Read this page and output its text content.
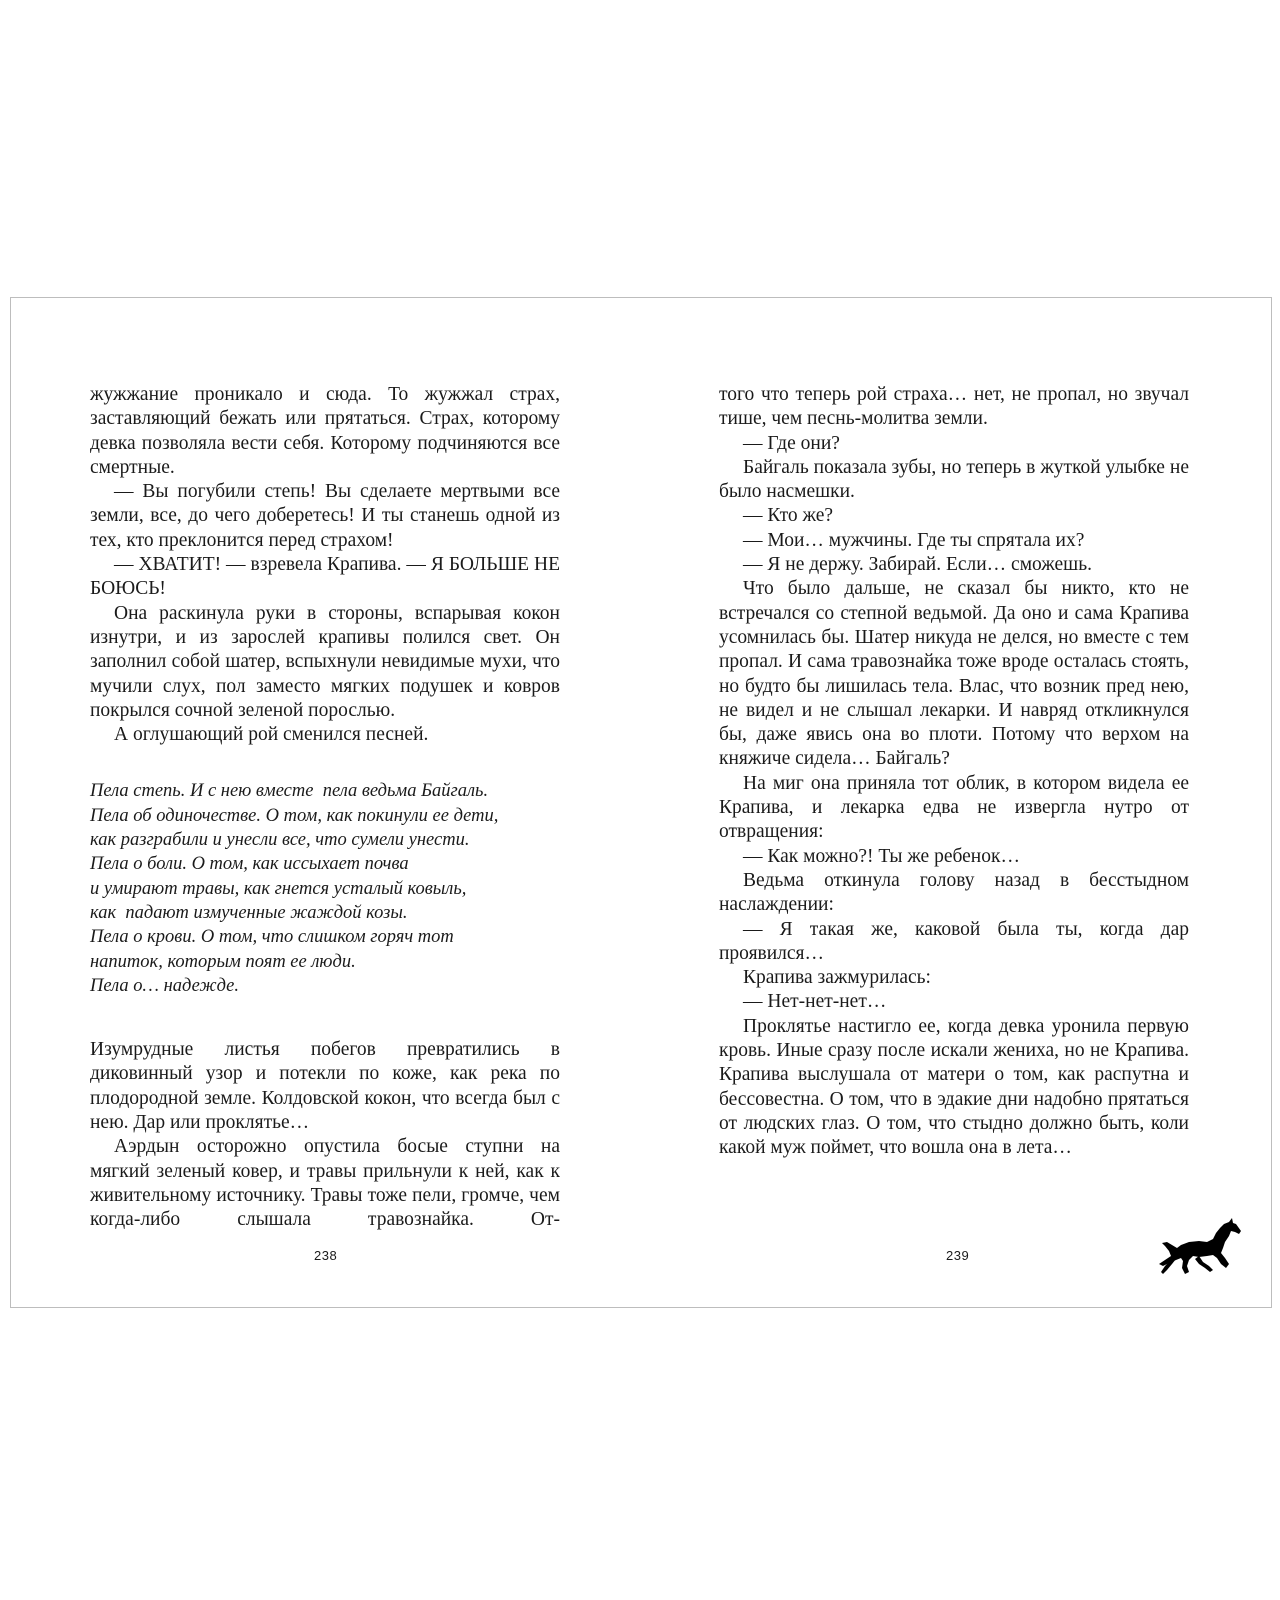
жужжание проникало и сюда. То жужжал страх, заставляющий бежать или прятаться. Страх, которому девка позволяла вести себя. Которому подчиняются все смертные.

— Вы погубили степь! Вы сделаете мертвыми все земли, все, до чего доберетесь! И ты станешь одной из тех, кто преклонится перед страхом!

— ХВАТИТ! — взревела Крапива. — Я БОЛЬШЕ НЕ БОЮСЬ!

Она раскинула руки в стороны, вспарывая кокон изнутри, и из зарослей крапивы полился свет. Он заполнил собой шатер, вспыхнули невидимые мухи, что мучили слух, пол заместо мягких подушек и ковров покрылся сочной зеленой порослью.

А оглушающий рой сменился песней.

Пела степь. И с нею вместе  пела ведьма Байгаль.
Пела об одиночестве. О том, как покинули ее дети,
как разграбили и унесли все, что сумели унести.
Пела о боли. О том, как иссыхает почва
и умирают травы, как гнется усталый ковыль,
как  падают измученные жаждой козы.
Пела о крови. О том, что слишком горяч тот
напиток, которым поят ее люди.
Пела о… надежде.

Изумрудные листья побегов превратились в диковинный узор и потекли по коже, как река по плодородной земле. Колдовской кокон, что всегда был с нею. Дар или проклятье…

Аэрдын осторожно опустила босые ступни на мягкий зеленый ковер, и травы прильнули к ней, как к живительному источнику. Травы тоже пели, громче, чем когда-либо слышала травознайка. От-

того что теперь рой страха… нет, не пропал, но звучал тише, чем песнь-молитва земли.

— Где они?

Байгаль показала зубы, но теперь в жуткой улыбке не было насмешки.

— Кто же?

— Мои… мужчины. Где ты спрятала их?

— Я не держу. Забирай. Если… сможешь.

Что было дальше, не сказал бы никто, кто не встречался со степной ведьмой. Да оно и сама Крапива усомнилась бы. Шатер никуда не делся, но вместе с тем пропал. И сама травознайка тоже вроде осталась стоять, но будто бы лишилась тела. Влас, что возник пред нею, не видел и не слышал лекарки. И навряд откликнулся бы, даже явись она во плоти. Потому что верхом на княжиче сидела… Байгаль?

На миг она приняла тот облик, в котором видела ее Крапива, и лекарка едва не извергла нутро от отвращения:

— Как можно?! Ты же ребенок…

Ведьма откинула голову назад в бесстыдном наслаждении:

— Я такая же, каковой была ты, когда дар проявился…

Крапива зажмурилась:

— Нет-нет-нет…

Проклятье настигло ее, когда девка уронила первую кровь. Иные сразу после искали жениха, но не Крапива. Крапива выслушала от матери о том, как распутна и бессовестна. О том, что в эдакие дни надобно прятаться от людских глаз. О том, что стыдно должно быть, коли какой муж поймет, что вошла она в лета…

238	239
